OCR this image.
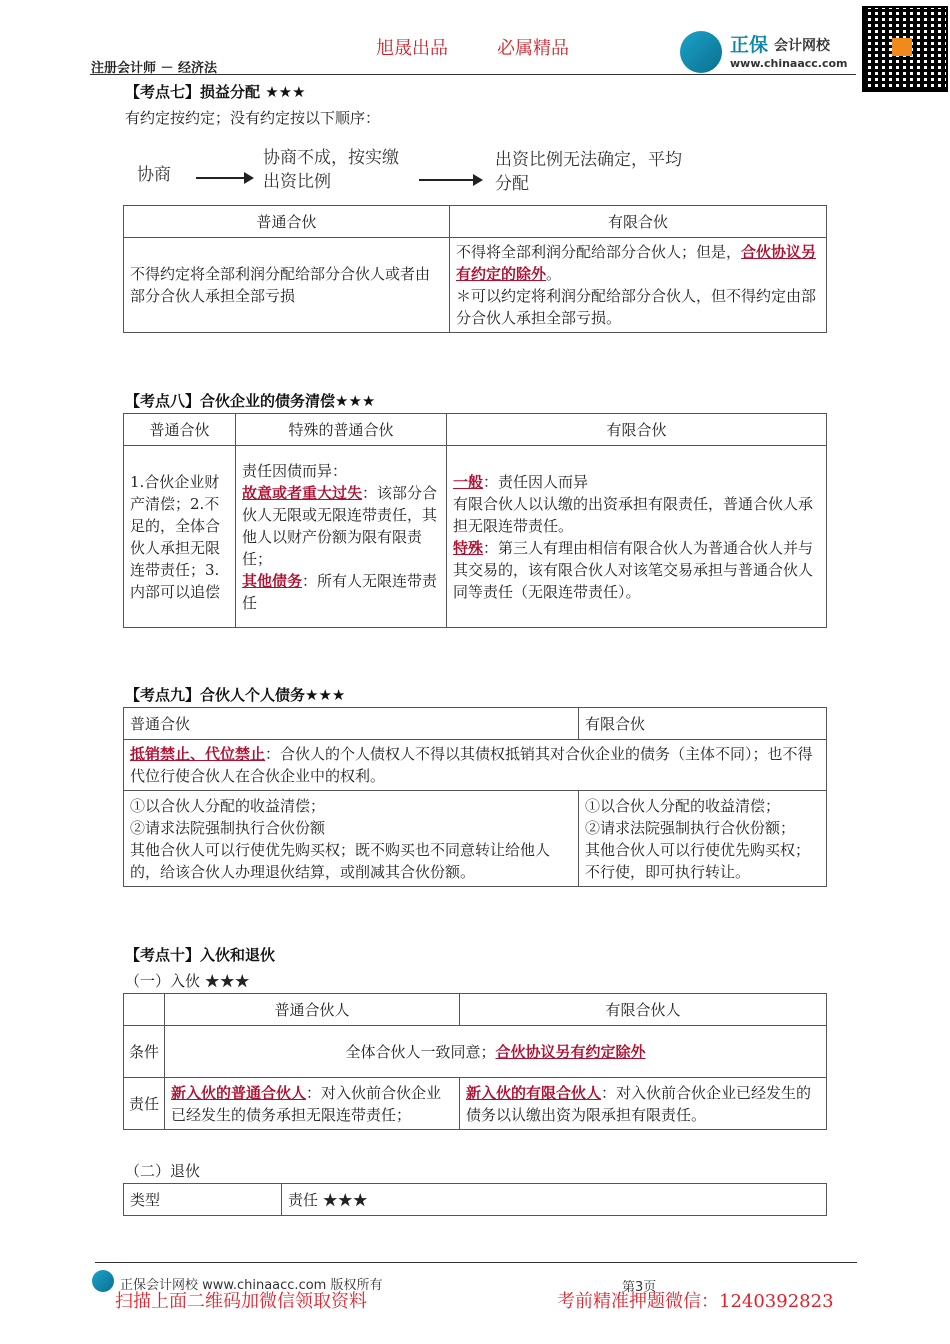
旭晟出品	必属精品
注册会计师 － 经济法
正保 会计网校
www.chinaacc.com
【考点七】损益分配 ★★★
有约定按约定；没有约定按以下顺序：
协商
协商不成，按实缴
出资比例
出资比例无法确定，平均
分配
普通合伙	有限合伙
不得约定将全部利润分配给部分合伙人或者由部分合伙人承担全部亏损	不得将全部利润分配给部分合伙人；但是，合伙协议另有约定的除外。
＊可以约定将利润分配给部分合伙人，但不得约定由部分合伙人承担全部亏损。
【考点八】合伙企业的债务清偿★★★
普通合伙	特殊的普通合伙	有限合伙
1.合伙企业财产清偿；2.不足的，全体合伙人承担无限连带责任；3.内部可以追偿	责任因债而异：
故意或者重大过失：该部分合伙人无限或无限连带责任，其他人以财产份额为限有限责任；
其他债务：所有人无限连带责任	一般：责任因人而异
有限合伙人以认缴的出资承担有限责任，普通合伙人承担无限连带责任。
特殊：第三人有理由相信有限合伙人为普通合伙人并与其交易的，该有限合伙人对该笔交易承担与普通合伙人同等责任（无限连带责任）。
【考点九】合伙人个人债务★★★
普通合伙	有限合伙
抵销禁止、代位禁止：合伙人的个人债权人不得以其债权抵销其对合伙企业的债务（主体不同）；也不得代位行使合伙人在合伙企业中的权利。	
①以合伙人分配的收益清偿；
②请求法院强制执行合伙份额
其他合伙人可以行使优先购买权；既不购买也不同意转让给他人的，给该合伙人办理退伙结算，或削减其合伙份额。	①以合伙人分配的收益清偿；
②请求法院强制执行合伙份额；
其他合伙人可以行使优先购买权；不行使，即可执行转让。
【考点十】入伙和退伙
（一）入伙 ★★★
	普通合伙人	有限合伙人
条件	全体合伙人一致同意；合伙协议另有约定除外	
责任	新入伙的普通合伙人：对入伙前合伙企业已经发生的债务承担无限连带责任；	新入伙的有限合伙人：对入伙前合伙企业已经发生的债务以认缴出资为限承担有限责任。
（二）退伙
类型	责任 ★★★
正保会计网校 www.chinaacc.com 版权所有	第3页
扫描上面二维码加微信领取资料	考前精准押题微信：1240392823
